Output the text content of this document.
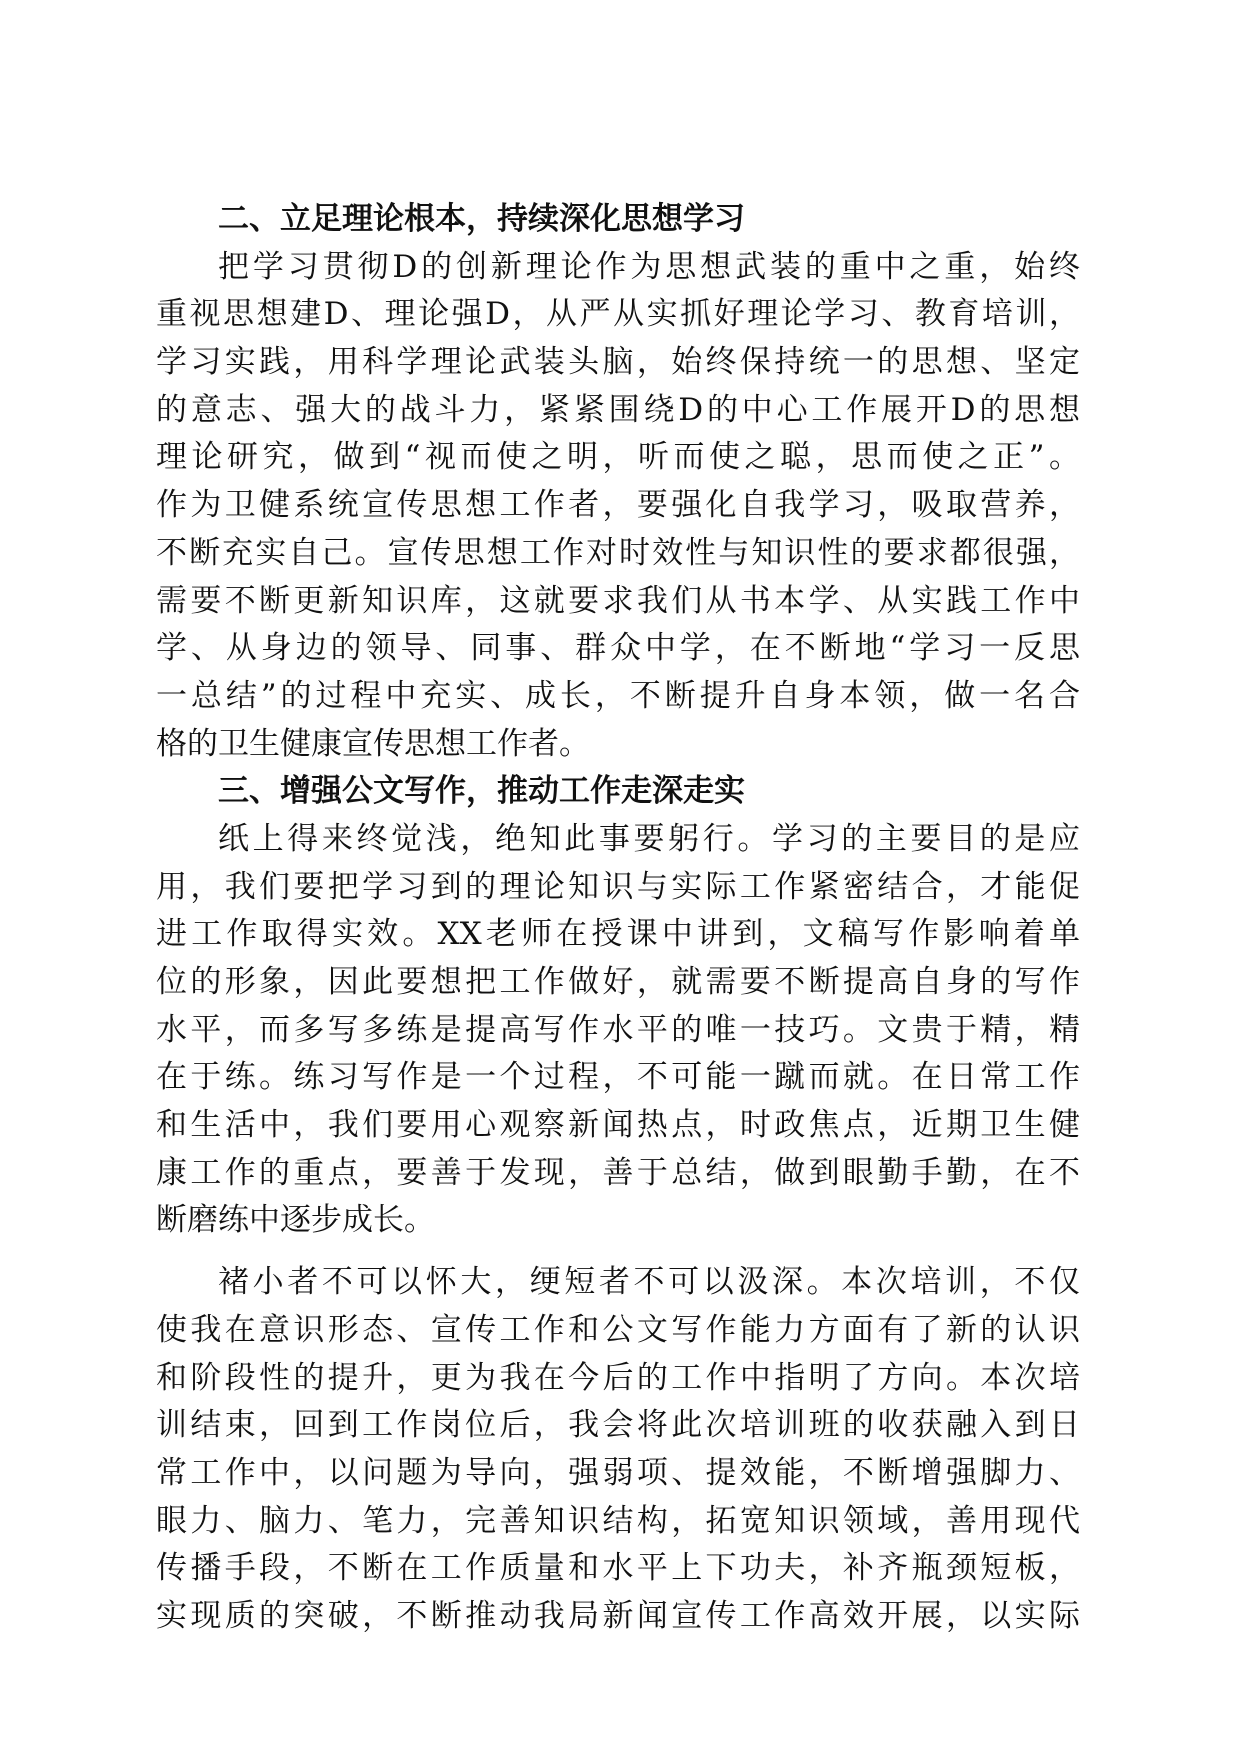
二、立足理论根本，持续深化思想学习
把学习贯彻D的创新理论作为思想武装的重中之重，始终
重视思想建D、理论强D，从严从实抓好理论学习、教育培训，
学习实践，用科学理论武装头脑，始终保持统一的思想、坚定
的意志、强大的战斗力，紧紧围绕D的中心工作展开D的思想
理论研究，做到“视而使之明，听而使之聪，思而使之正”。
作为卫健系统宣传思想工作者，要强化自我学习，吸取营养，
不断充实自己。宣传思想工作对时效性与知识性的要求都很强，
需要不断更新知识库，这就要求我们从书本学、从实践工作中
学、从身边的领导、同事、群众中学，在不断地“学习一反思
一总结”的过程中充实、成长，不断提升自身本领，做一名合
格的卫生健康宣传思想工作者。
三、增强公文写作，推动工作走深走实
纸上得来终觉浅，绝知此事要躬行。学习的主要目的是应
用，我们要把学习到的理论知识与实际工作紧密结合，才能促
进工作取得实效。XX老师在授课中讲到，文稿写作影响着单
位的形象，因此要想把工作做好，就需要不断提高自身的写作
水平，而多写多练是提高写作水平的唯一技巧。文贵于精，精
在于练。练习写作是一个过程，不可能一蹴而就。在日常工作
和生活中，我们要用心观察新闻热点，时政焦点，近期卫生健
康工作的重点，要善于发现，善于总结，做到眼勤手勤，在不
断磨练中逐步成长。
褚小者不可以怀大，绠短者不可以汲深。本次培训，不仅
使我在意识形态、宣传工作和公文写作能力方面有了新的认识
和阶段性的提升，更为我在今后的工作中指明了方向。本次培
训结束，回到工作岗位后，我会将此次培训班的收获融入到日
常工作中，以问题为导向，强弱项、提效能，不断增强脚力、
眼力、脑力、笔力，完善知识结构，拓宽知识领域，善用现代
传播手段，不断在工作质量和水平上下功夫，补齐瓶颈短板，
实现质的突破，不断推动我局新闻宣传工作高效开展，以实际
